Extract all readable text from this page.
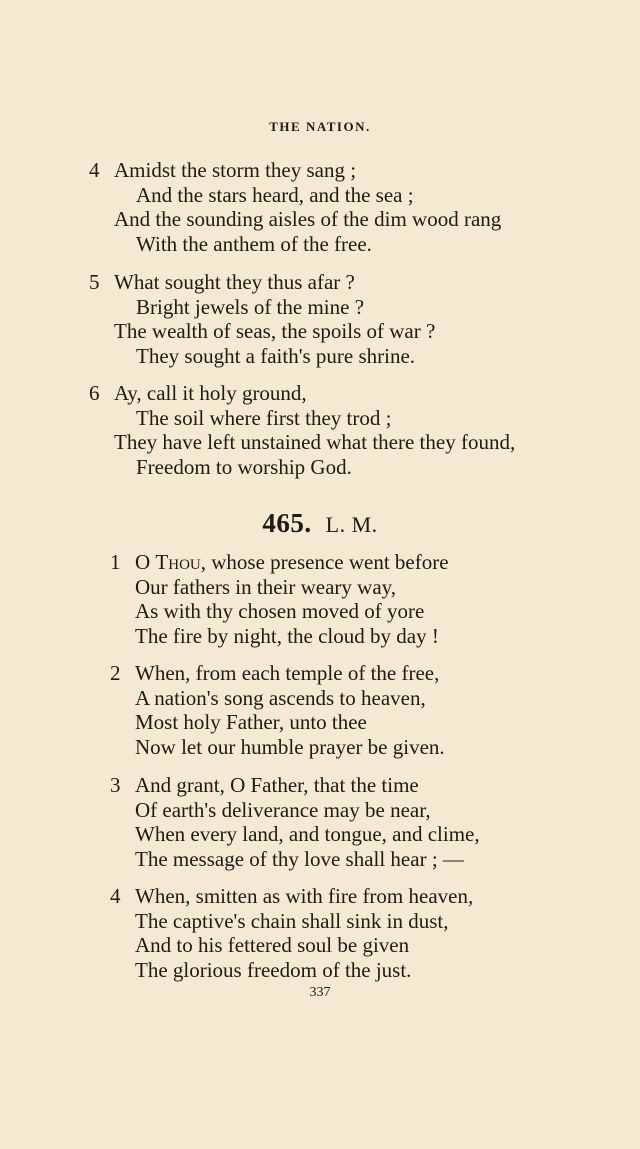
THE NATION.
4 Amidst the storm they sang ;
And the stars heard, and the sea ;
And the sounding aisles of the dim wood rang
With the anthem of the free.
5 What sought they thus afar ?
Bright jewels of the mine ?
The wealth of seas, the spoils of war ?
They sought a faith's pure shrine.
6 Ay, call it holy ground,
The soil where first they trod ;
They have left unstained what there they found,
Freedom to worship God.
465. L. M.
1 O Thou, whose presence went before
Our fathers in their weary way,
As with thy chosen moved of yore
The fire by night, the cloud by day !
2 When, from each temple of the free,
A nation's song ascends to heaven,
Most holy Father, unto thee
Now let our humble prayer be given.
3 And grant, O Father, that the time
Of earth's deliverance may be near,
When every land, and tongue, and clime,
The message of thy love shall hear ; —
4 When, smitten as with fire from heaven,
The captive's chain shall sink in dust,
And to his fettered soul be given
The glorious freedom of the just.
337
